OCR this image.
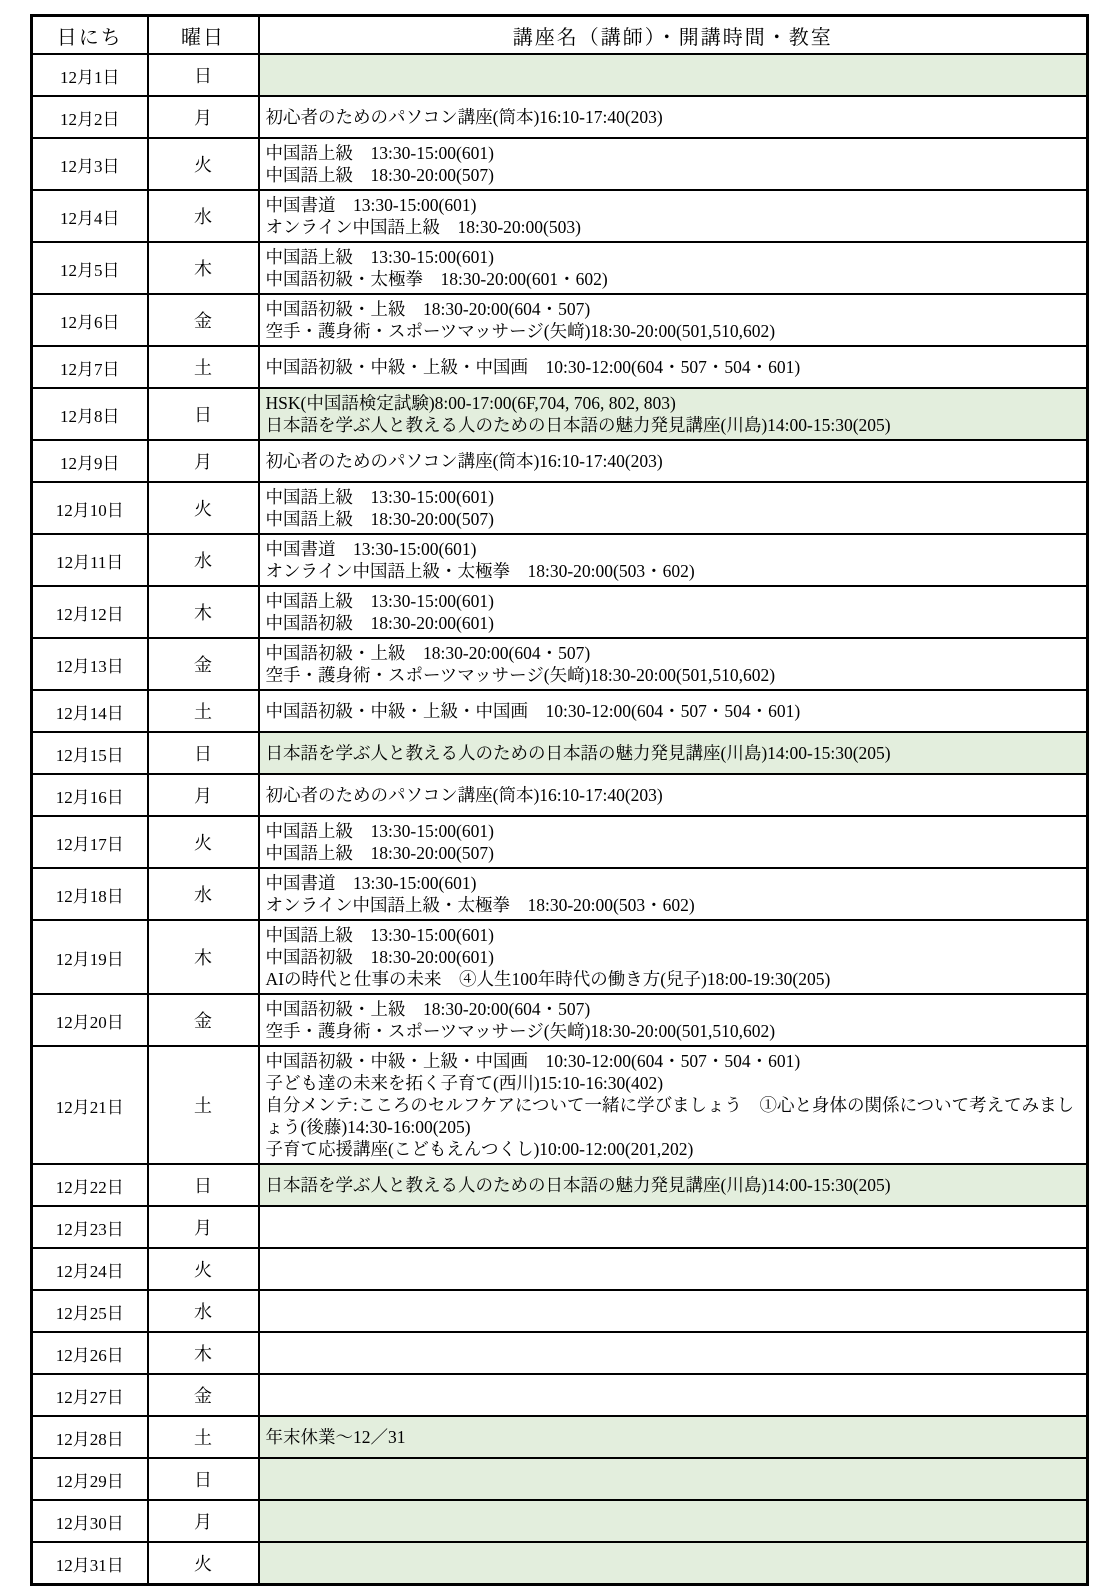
日にち	曜日	講座名（講師）・開講時間・教室
12月1日	日	
12月2日	月	初心者のためのパソコン講座(筒本)16:10-17:40(203)

12月3日	火	中国語上級　13:30-15:00(601)
中国語上級　18:30-20:00(507)

12月4日	水	中国書道　13:30-15:00(601)
オンライン中国語上級　18:30-20:00(503)

12月5日	木	中国語上級　13:30-15:00(601)
中国語初級・太極拳　18:30-20:00(601・602)

12月6日	金	中国語初級・上級　18:30-20:00(604・507)
空手・護身術・スポーツマッサージ(矢﨑)18:30-20:00(501,510,602)

12月7日	土	中国語初級・中級・上級・中国画　10:30-12:00(604・507・504・601)

12月8日	日	HSK(中国語検定試験)8:00-17:00(6F,704, 706, 802, 803)
日本語を学ぶ人と教える人のための日本語の魅力発見講座(川島)14:00-15:30(205)

12月9日	月	初心者のためのパソコン講座(筒本)16:10-17:40(203)

12月10日	火	中国語上級　13:30-15:00(601)
中国語上級　18:30-20:00(507)

12月11日	水	中国書道　13:30-15:00(601)
オンライン中国語上級・太極拳　18:30-20:00(503・602)

12月12日	木	中国語上級　13:30-15:00(601)
中国語初級　18:30-20:00(601)

12月13日	金	中国語初級・上級　18:30-20:00(604・507)
空手・護身術・スポーツマッサージ(矢﨑)18:30-20:00(501,510,602)

12月14日	土	中国語初級・中級・上級・中国画　10:30-12:00(604・507・504・601)

12月15日	日	日本語を学ぶ人と教える人のための日本語の魅力発見講座(川島)14:00-15:30(205)

12月16日	月	初心者のためのパソコン講座(筒本)16:10-17:40(203)

12月17日	火	中国語上級　13:30-15:00(601)
中国語上級　18:30-20:00(507)

12月18日	水	中国書道　13:30-15:00(601)
オンライン中国語上級・太極拳　18:30-20:00(503・602)

12月19日	木	中国語上級　13:30-15:00(601)
中国語初級　18:30-20:00(601)
AIの時代と仕事の未来　④人生100年時代の働き方(兒子)18:00-19:30(205)

12月20日	金	中国語初級・上級　18:30-20:00(604・507)
空手・護身術・スポーツマッサージ(矢﨑)18:30-20:00(501,510,602)

12月21日	土	中国語初級・中級・上級・中国画　10:30-12:00(604・507・504・601)
子ども達の未来を拓く子育て(西川)15:10-16:30(402)
自分メンテ:こころのセルフケアについて一緒に学びましょう　①心と身体の関係について考えてみましょう(後藤)14:30-16:00(205)
子育て応援講座(こどもえんつくし)10:00-12:00(201,202)

12月22日	日	日本語を学ぶ人と教える人のための日本語の魅力発見講座(川島)14:00-15:30(205)

12月23日	月	
12月24日	火	
12月25日	水	
12月26日	木	
12月27日	金	
12月28日	土	年末休業～12／31

12月29日	日	
12月30日	月	
12月31日	火	
